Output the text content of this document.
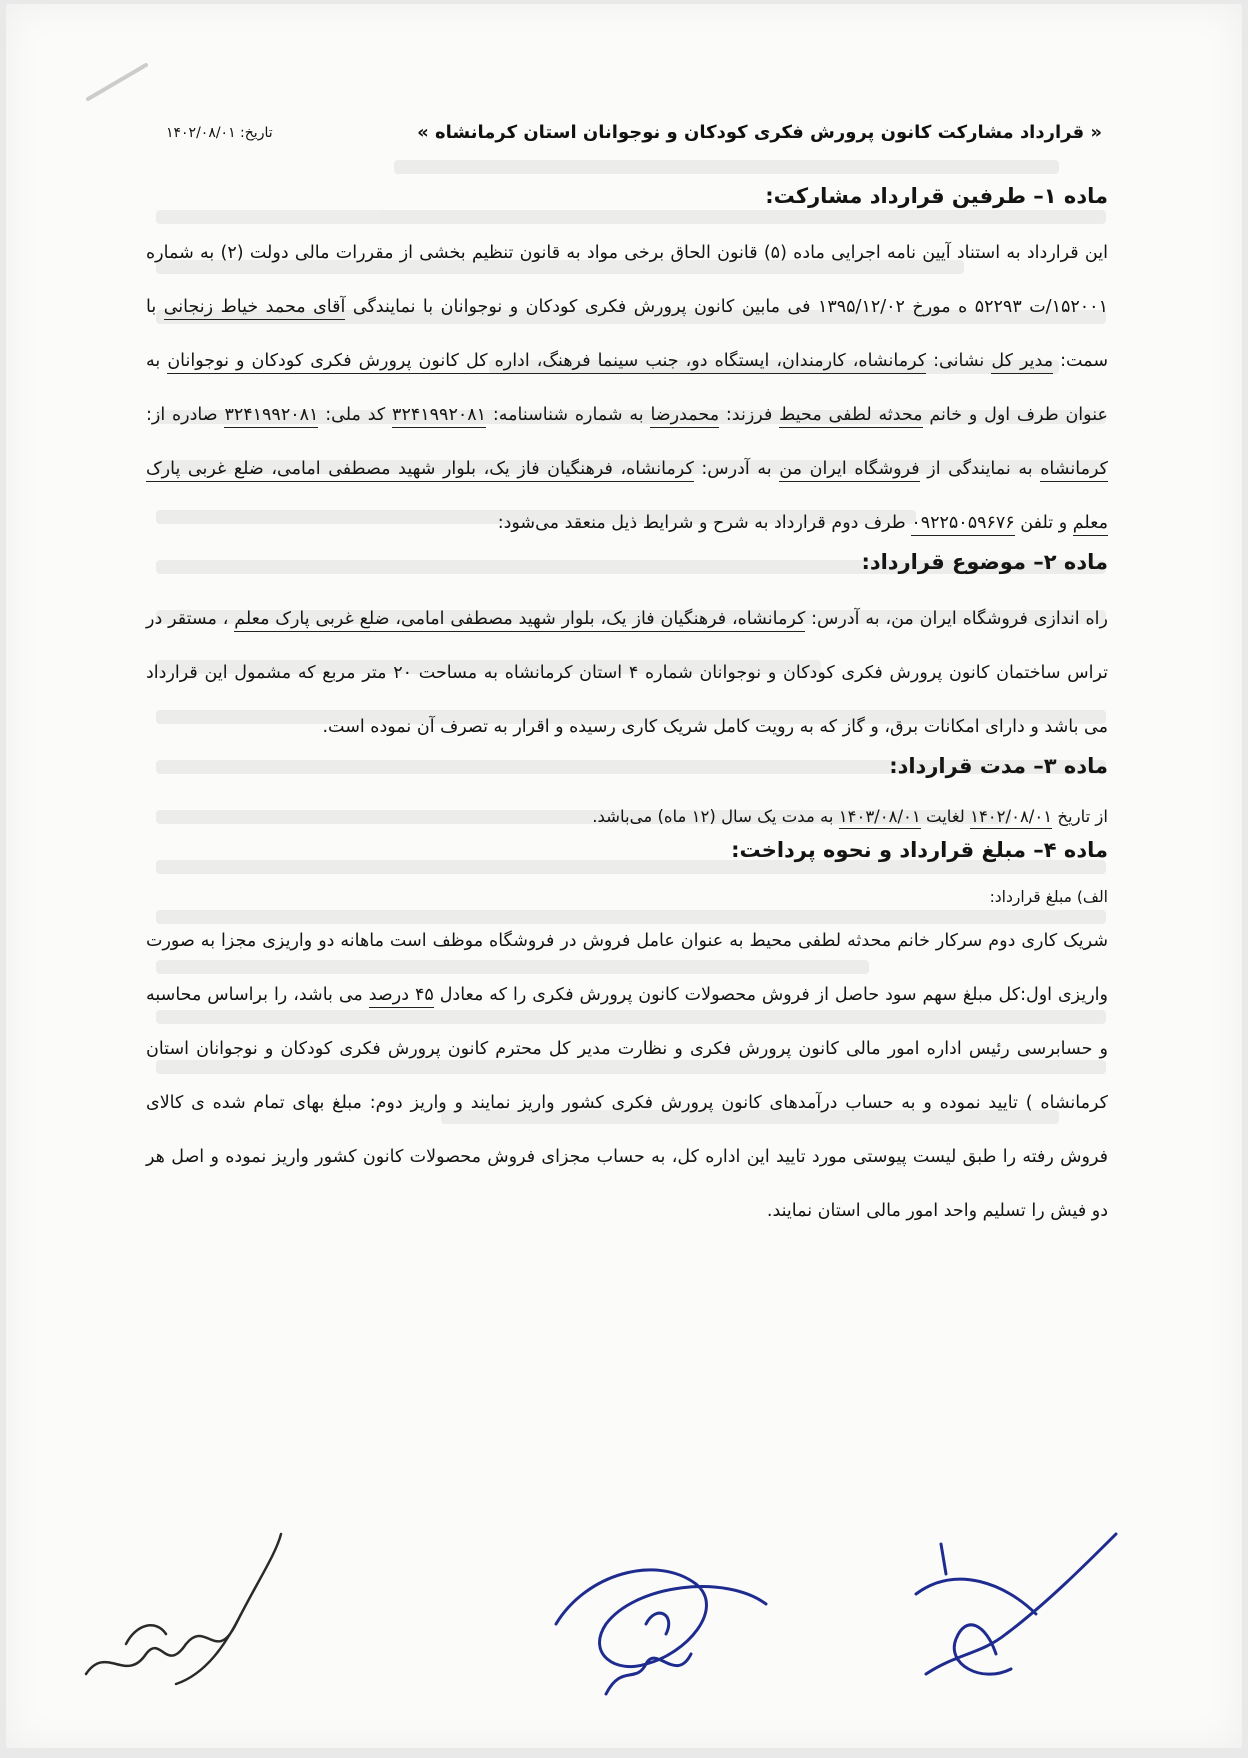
« قرارداد مشارکت کانون پرورش فکری کودکان و نوجوانان استان کرمانشاه »
تاریخ: ۱۴۰۲/۰۸/۰۱
ماده ۱– طرفین قرارداد مشارکت:

این قرارداد به استناد آیین نامه اجرایی ماده (۵) قانون الحاق برخی مواد به قانون تنظیم بخشی از مقررات مالی دولت (۲) به شماره ۱۵۲۰۰۱/ت ۵۲۲۹۳ ه مورخ ۱۳۹۵/۱۲/۰۲ فی مابین کانون پرورش فکری کودکان و نوجوانان با نمایندگی آقای محمد خیاط زنجانی با سمت: مدیر کل نشانی: کرمانشاه، کارمندان، ایستگاه دو، جنب سینما فرهنگ، اداره کل کانون پرورش فکری کودکان و نوجوانان به عنوان طرف اول و خانم محدثه لطفی محیط فرزند: محمدرضا به شماره شناسنامه: ۳۲۴۱۹۹۲۰۸۱ کد ملی: ۳۲۴۱۹۹۲۰۸۱ صادره از: کرمانشاه به نمایندگی از فروشگاه ایران من به آدرس: کرمانشاه، فرهنگیان فاز یک، بلوار شهید مصطفی امامی، ضلع غربی پارک معلم و تلفن ۰۹۲۲۵۰۵۹۶۷۶ طرف دوم قرارداد به شرح و شرایط ذیل منعقد می‌شود:

ماده ۲– موضوع قرارداد:

راه اندازی فروشگاه ایران من، به آدرس: کرمانشاه، فرهنگیان فاز یک، بلوار شهید مصطفی امامی، ضلع غربی پارک معلم ، مستقر در تراس ساختمان کانون پرورش فکری کودکان و نوجوانان شماره ۴ استان کرمانشاه به مساحت ۲۰ متر مربع که مشمول این قرارداد می باشد و دارای امکانات برق، و گاز که به رویت کامل شریک کاری رسیده و اقرار به تصرف آن نموده است.

ماده ۳– مدت قرارداد:

از تاریخ ۱۴۰۲/۰۸/۰۱ لغایت ۱۴۰۳/۰۸/۰۱ به مدت یک سال (۱۲ ماه) می‌باشد.

ماده ۴– مبلغ قرارداد و نحوه پرداخت:

الف) مبلغ قرارداد:

شریک کاری دوم سرکار خانم محدثه لطفی محیط به عنوان عامل فروش در فروشگاه موظف است ماهانه دو واریزی مجزا به صورت واریزی اول:کل مبلغ سهم سود حاصل از فروش محصولات کانون پرورش فکری را که معادل ۴۵ درصد می باشد، را براساس محاسبه و حسابرسی رئیس اداره امور مالی کانون پرورش فکری و نظارت مدیر کل محترم کانون پرورش فکری کودکان و نوجوانان استان کرمانشاه ) تایید نموده و به حساب درآمدهای کانون پرورش فکری کشور واریز نمایند و واریز دوم: مبلغ بهای تمام شده ی کالای فروش رفته را طبق لیست پیوستی مورد تایید این اداره کل، به حساب مجزای فروش محصولات کانون کشور واریز نموده و اصل هر دو فیش را تسلیم واحد امور مالی استان نمایند.
